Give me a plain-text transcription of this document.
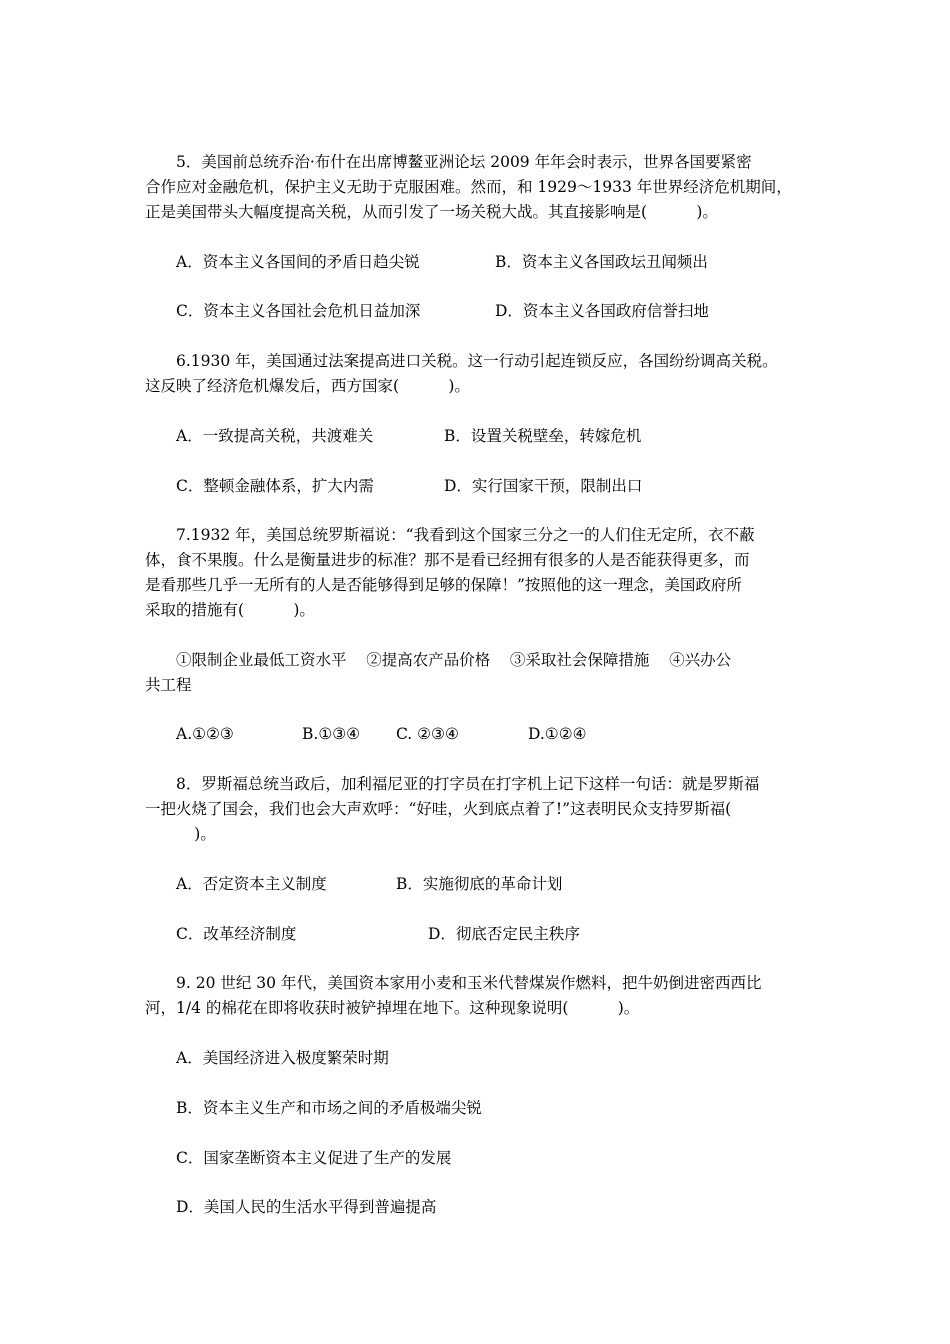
5．美国前总统乔治·布什在出席博鳌亚洲论坛 2009 年年会时表示，世界各国要紧密
合作应对金融危机，保护主义无助于克服困难。然而，和 1929～1933 年世界经济危机期间，
正是美国带头大幅度提高关税，从而引发了一场关税大战。其直接影响是(          )。
A．资本主义各国间的矛盾日趋尖锐	B．资本主义各国政坛丑闻频出
C．资本主义各国社会危机日益加深	D．资本主义各国政府信誉扫地
6.1930 年，美国通过法案提高进口关税。这一行动引起连锁反应，各国纷纷调高关税。
这反映了经济危机爆发后，西方国家(          )。
A．一致提高关税，共渡难关	B．设置关税壁垒，转嫁危机
C．整顿金融体系，扩大内需	D．实行国家干预，限制出口
7.1932 年，美国总统罗斯福说：“我看到这个国家三分之一的人们住无定所，衣不蔽
体，食不果腹。什么是衡量进步的标准？那不是看已经拥有很多的人是否能获得更多，而
是看那些几乎一无所有的人是否能够得到足够的保障！”按照他的这一理念，美国政府所
采取的措施有(          )。
①限制企业最低工资水平    ②提高农产品价格    ③采取社会保障措施    ④兴办公
共工程
A.①②③	B.①③④ C. ②③④	D.①②④
8．罗斯福总统当政后，加利福尼亚的打字员在打字机上记下这样一句话：就是罗斯福
一把火烧了国会，我们也会大声欢呼：“好哇，火到底点着了!”这表明民众支持罗斯福(
)。
A．否定资本主义制度	B．实施彻底的革命计划
C．改革经济制度	D．彻底否定民主秩序
9. 20 世纪 30 年代，美国资本家用小麦和玉米代替煤炭作燃料，把牛奶倒进密西西比
河，1/4 的棉花在即将收获时被铲掉埋在地下。这种现象说明(          )。
A．美国经济进入极度繁荣时期
B．资本主义生产和市场之间的矛盾极端尖锐
C．国家垄断资本主义促进了生产的发展
D．美国人民的生活水平得到普遍提高
